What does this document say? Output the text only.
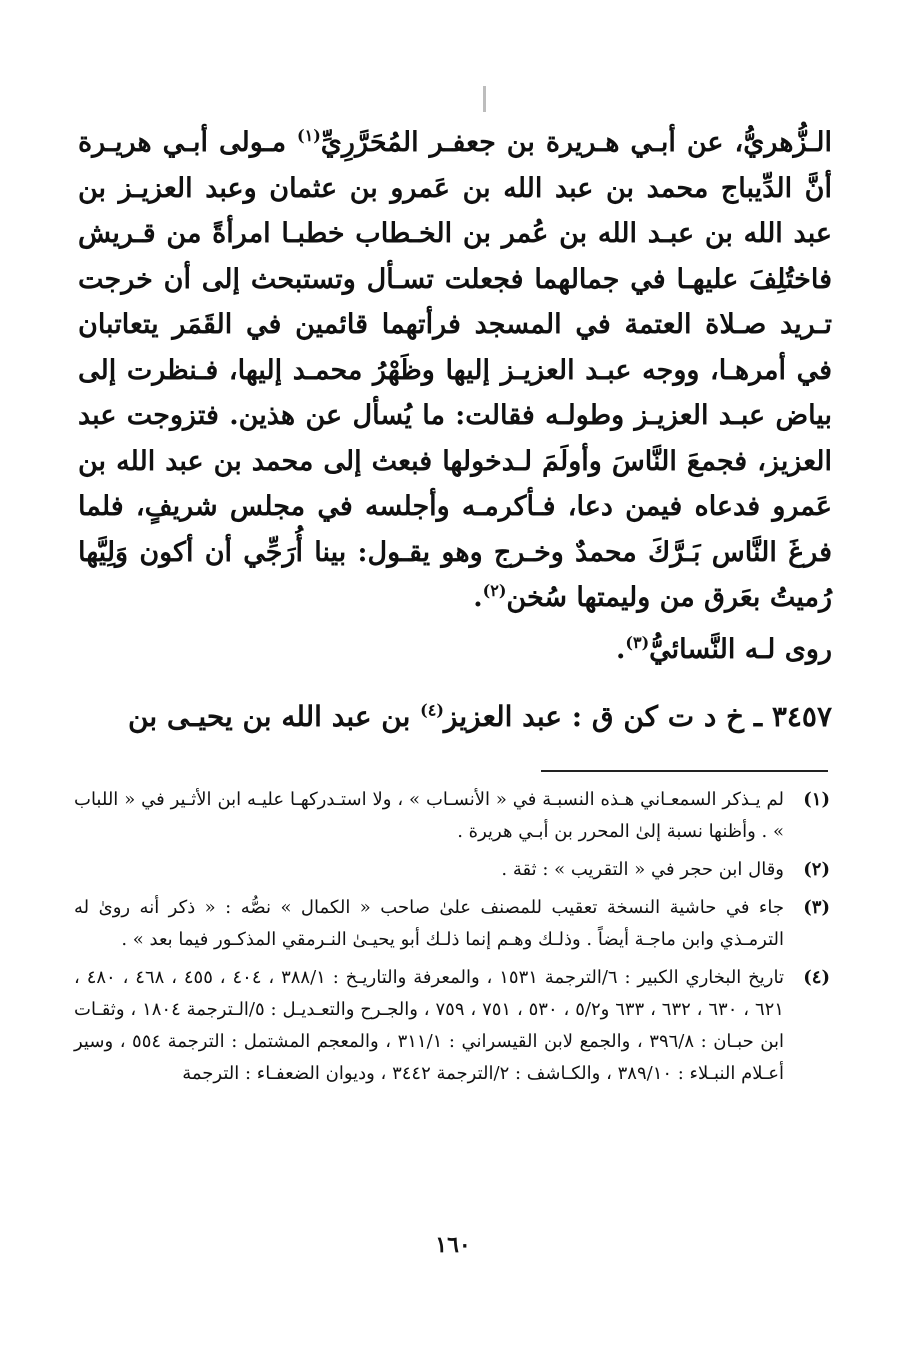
الـزُّهريُّ، عن أبـي هـريرة بن جعفـر المُحَرَّرِيِّ$^{(١)}$ مـولى أبـي هريـرة أنَّ الدِّيباج محمد بن عبد الله بن عَمرو بن عثمان وعبد العزيـز بن عبد الله بن عبـد الله بن عُمر بن الخـطاب خطبـا امرأةً من قـريش فاختُلِفَ عليهـا في جمالهما فجعلت تسـأل وتستبحث إلى أن خرجت تـريد صـلاة العتمة في المسجد فرأتهما قائمين في القَمَر يتعاتبان في أمرهـا، ووجه عبـد العزيـز إليها وظَهْرُ محمـد إليها، فـنظرت إلى بياض عبـد العزيـز وطولـه فقالت: ما يُسأل عن هذين. فتزوجت عبد العزيز، فجمعَ النَّاسَ وأولَمَ لـدخولها فبعث إلى محمد بن عبد الله بن عَمرو فدعاه فيمن دعا، فـأكرمـه وأجلسه في مجلس شريفٍ، فلما فرغَ النَّاس بَـرَّكَ محمدٌ وخـرج وهو يقـول: بينا أُرَجِّي أن أكون وَلِيَّها رُميتُ بعَرق من وليمتها سُخن$^{(٢)}$.

روى لـه النَّسائيُّ$^{(٣)}$.

٣٤٥٧ ـ خ د ت كن ق : عبد العزيز$^{(٤)}$ بن عبد الله بن يحيـى بن

(١)
لم يـذكر السمعـاني هـذه النسبـة في « الأنسـاب » ، ولا استـدركهـا عليـه ابن الأثـير في « اللباب » . وأظنها نسبة إلىٰ المحرر بن أبـي هريرة .
(٢)
وقال ابن حجر في « التقريب » : ثقة .
(٣)
جاء في حاشية النسخة تعقيب للمصنف علىٰ صاحب « الكمال » نصُّه : « ذكر أنه روىٰ له الترمـذي وابن ماجـة أيضاً . وذلـك وهـم إنما ذلـك أبو يحيـىٰ النـرمقي المذكـور فيما بعد » .
(٤)
تاريخ البخاري الكبير : ٦/الترجمة ١٥٣١ ، والمعرفة والتاريـخ : ٣٨٨/١ ، ٤٠٤ ، ٤٥٥ ، ٤٦٨ ، ٤٨٠ ، ٦٢١ ، ٦٣٠ ، ٦٣٢ ، ٦٣٣ و٥/٢ ، ٥٣٠ ، ٧٥١ ، ٧٥٩ ، والجـرح والتعـديـل : ٥/الـترجمة ١٨٠٤ ، وثقـات ابن حبـان : ٣٩٦/٨ ، والجمع لابن القيسراني : ٣١١/١ ، والمعجم المشتمل : الترجمة ٥٥٤ ، وسير أعـلام النبـلاء : ٣٨٩/١٠ ، والكـاشف : ٢/الترجمة ٣٤٤٢ ، وديوان الضعفـاء : الترجمة
١٦٠
